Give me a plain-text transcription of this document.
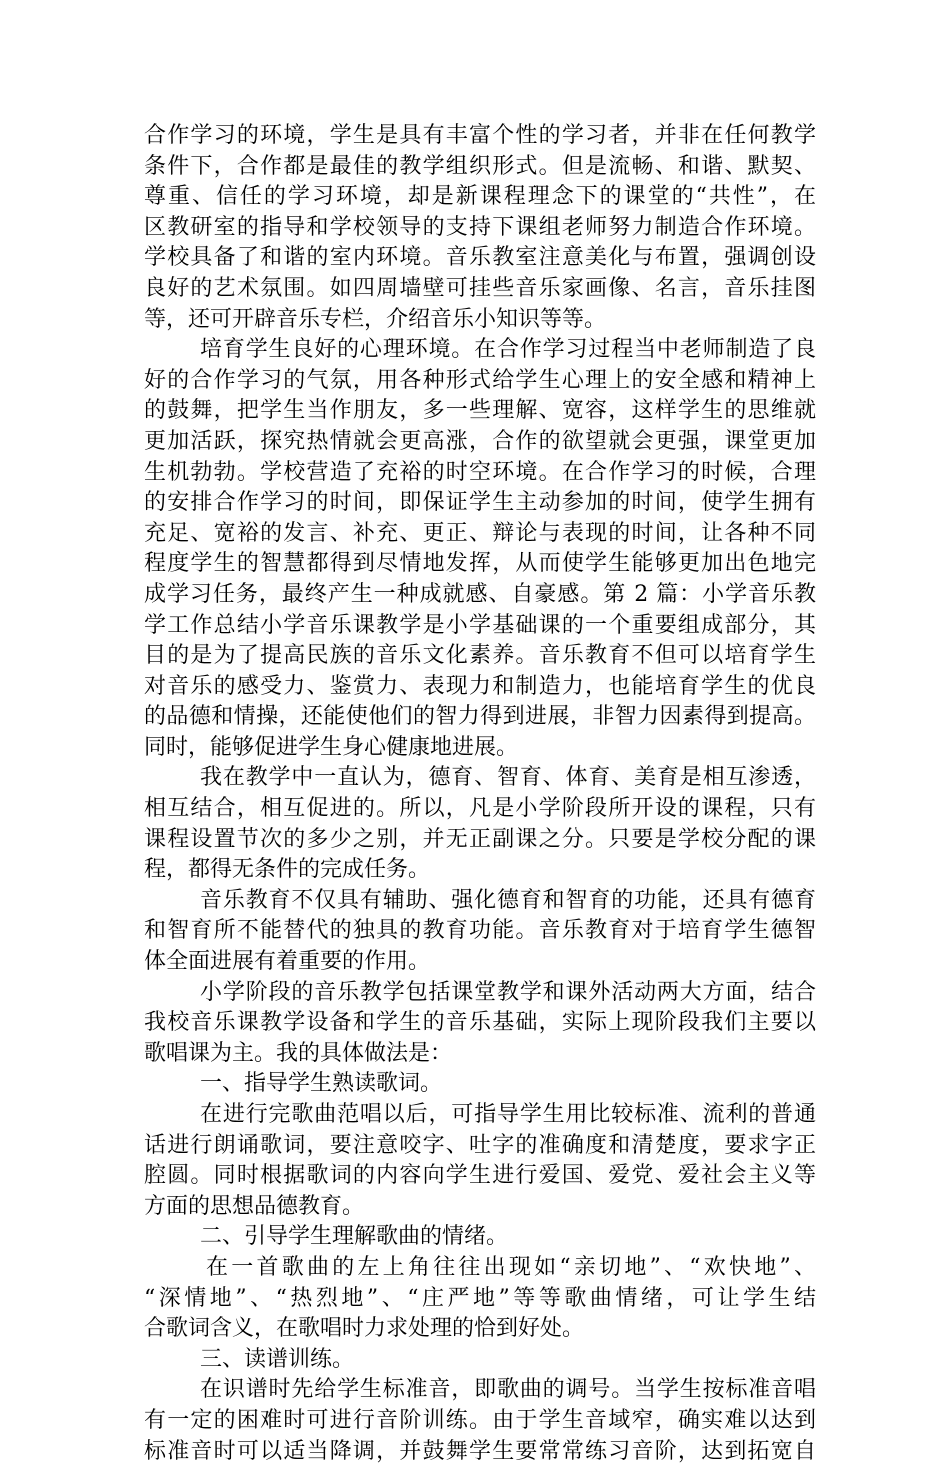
合作学习的环境，学生是具有丰富个性的学习者，并非在任何教学
条件下，合作都是最佳的教学组织形式。但是流畅、和谐、默契、
尊重、信任的学习环境，却是新课程理念下的课堂的“共性”，在
区教研室的指导和学校领导的支持下课组老师努力制造合作环境。
学校具备了和谐的室内环境。音乐教室注意美化与布置，强调创设
良好的艺术氛围。如四周墙壁可挂些音乐家画像、名言，音乐挂图
等，还可开辟音乐专栏，介绍音乐小知识等等。
培育学生良好的心理环境。在合作学习过程当中老师制造了良
好的合作学习的气氛，用各种形式给学生心理上的安全感和精神上
的鼓舞，把学生当作朋友，多一些理解、宽容，这样学生的思维就
更加活跃，探究热情就会更高涨，合作的欲望就会更强，课堂更加
生机勃勃。学校营造了充裕的时空环境。在合作学习的时候，合理
的安排合作学习的时间，即保证学生主动参加的时间，使学生拥有
充足、宽裕的发言、补充、更正、辩论与表现的时间，让各种不同
程度学生的智慧都得到尽情地发挥，从而使学生能够更加出色地完
成学习任务，最终产生一种成就感、自豪感。第 2 篇：小学音乐教
学工作总结小学音乐课教学是小学基础课的一个重要组成部分，其
目的是为了提高民族的音乐文化素养。音乐教育不但可以培育学生
对音乐的感受力、鉴赏力、表现力和制造力，也能培育学生的优良
的品德和情操，还能使他们的智力得到进展，非智力因素得到提高。
同时，能够促进学生身心健康地进展。
我在教学中一直认为，德育、智育、体育、美育是相互渗透，
相互结合，相互促进的。所以，凡是小学阶段所开设的课程，只有
课程设置节次的多少之别，并无正副课之分。只要是学校分配的课
程，都得无条件的完成任务。
音乐教育不仅具有辅助、强化德育和智育的功能，还具有德育
和智育所不能替代的独具的教育功能。音乐教育对于培育学生德智
体全面进展有着重要的作用。
小学阶段的音乐教学包括课堂教学和课外活动两大方面，结合
我校音乐课教学设备和学生的音乐基础，实际上现阶段我们主要以
歌唱课为主。我的具体做法是：
一、指导学生熟读歌词。
在进行完歌曲范唱以后，可指导学生用比较标准、流利的普通
话进行朗诵歌词，要注意咬字、吐字的准确度和清楚度，要求字正
腔圆。同时根据歌词的内容向学生进行爱国、爱党、爱社会主义等
方面的思想品德教育。
二、引导学生理解歌曲的情绪。
在一首歌曲的左上角往往出现如“亲切地”、“欢快地”、
“深情地”、“热烈地”、“庄严地”等等歌曲情绪，可让学生结
合歌词含义，在歌唱时力求处理的恰到好处。
三、读谱训练。
在识谱时先给学生标准音，即歌曲的调号。当学生按标准音唱
有一定的困难时可进行音阶训练。由于学生音域窄，确实难以达到
标准音时可以适当降调，并鼓舞学生要常常练习音阶，达到拓宽自
